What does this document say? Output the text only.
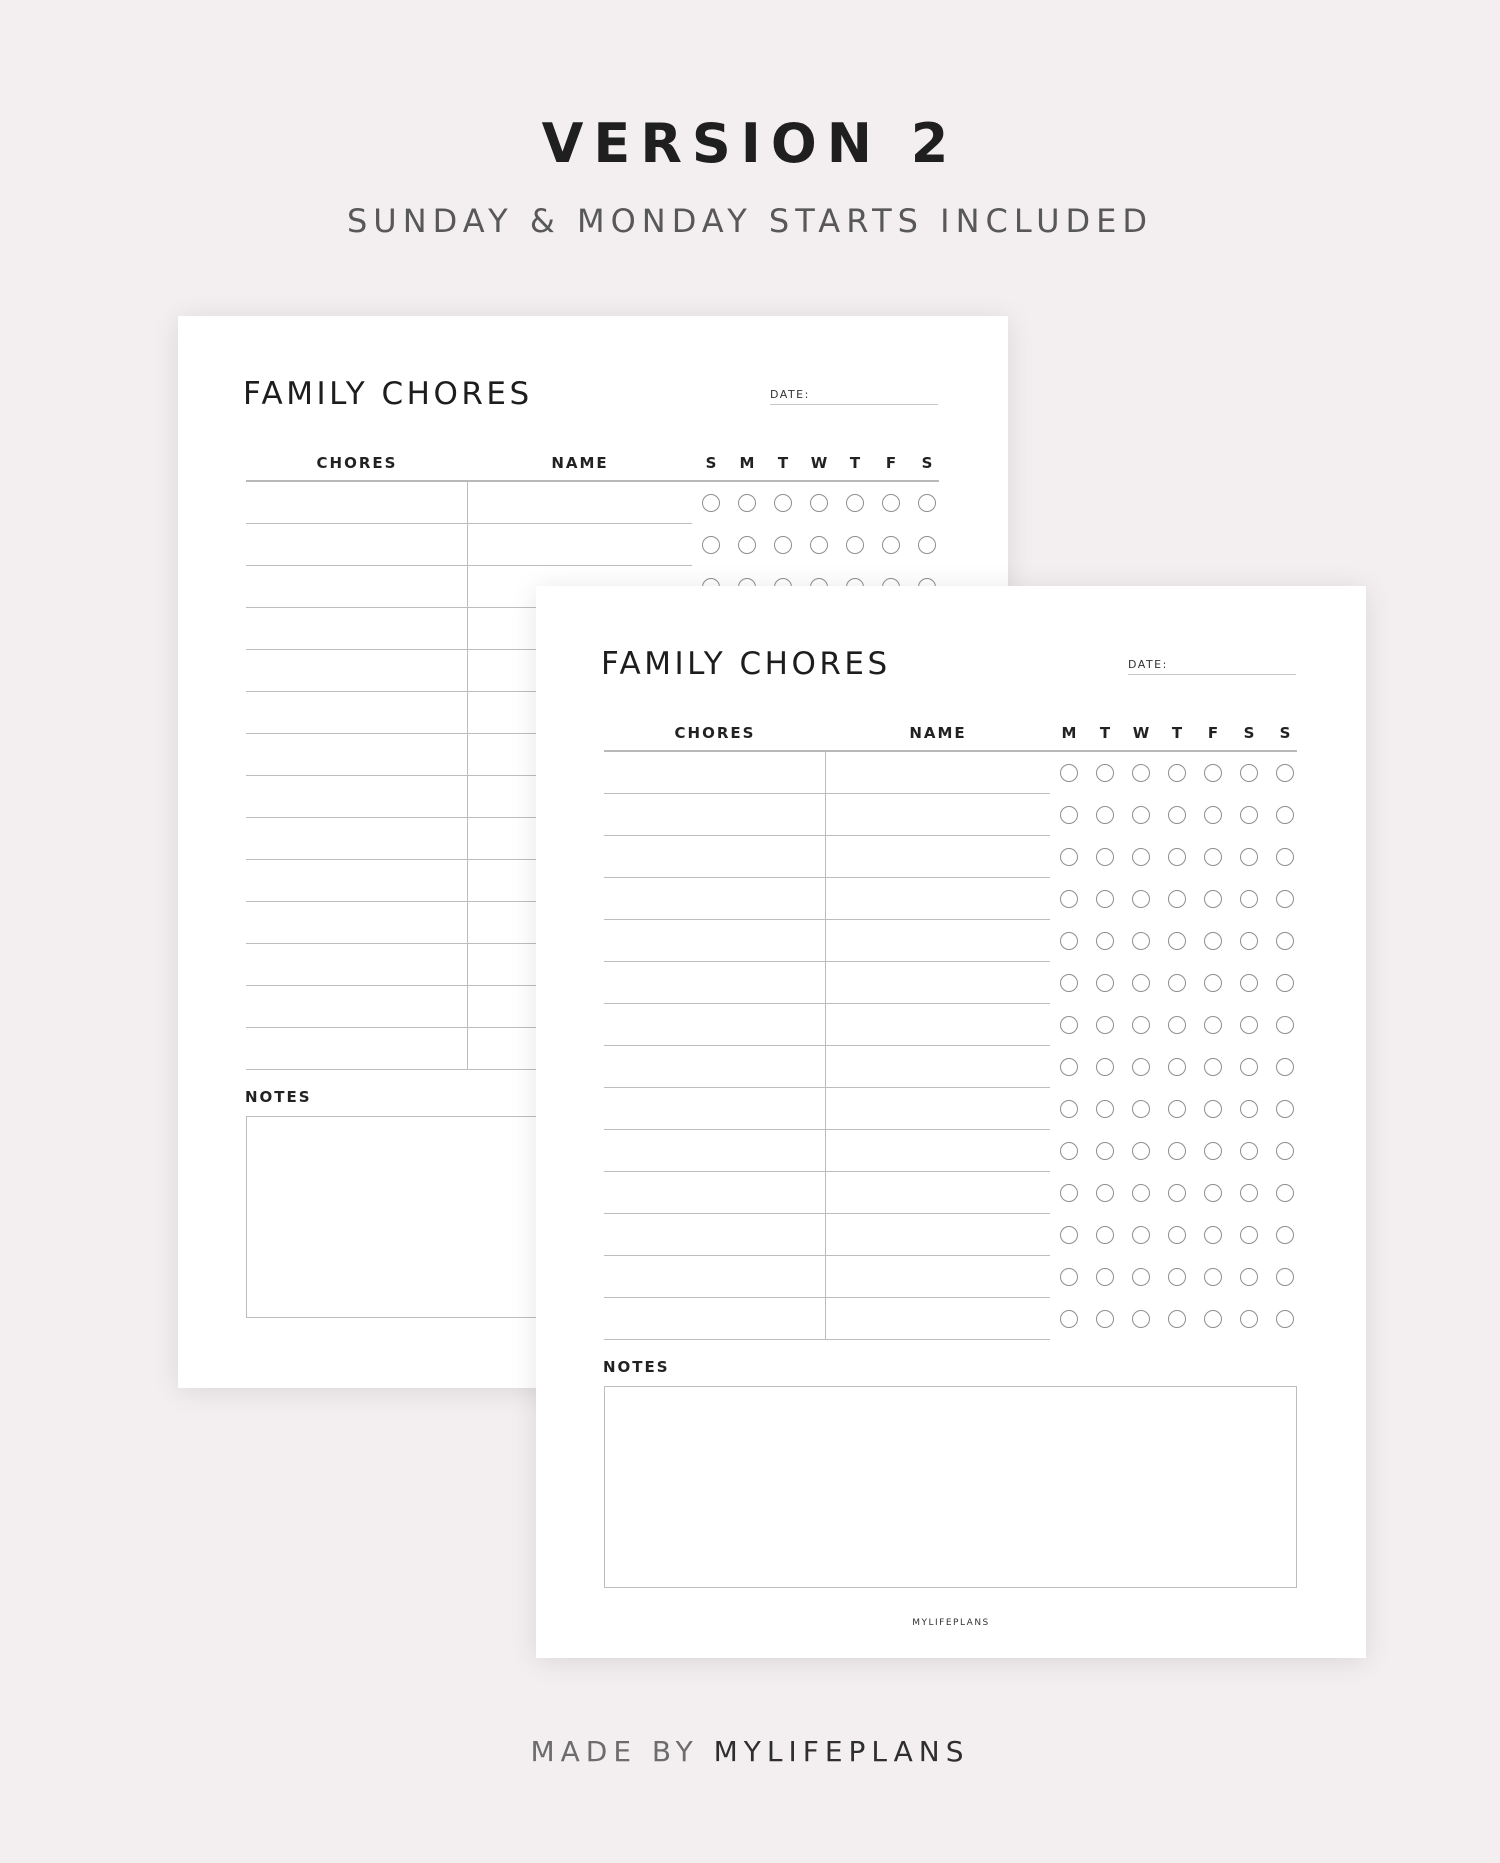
VERSION 2
SUNDAY & MONDAY STARTS INCLUDED
FAMILY CHORES	DATE:
CHORES	NAME	S	M	T	W	T	F	S
NOTES
FAMILY CHORES	DATE:
CHORES	NAME	M	T	W	T	F	S	S
NOTES
MYLIFEPLANS
MADE BY MYLIFEPLANS
